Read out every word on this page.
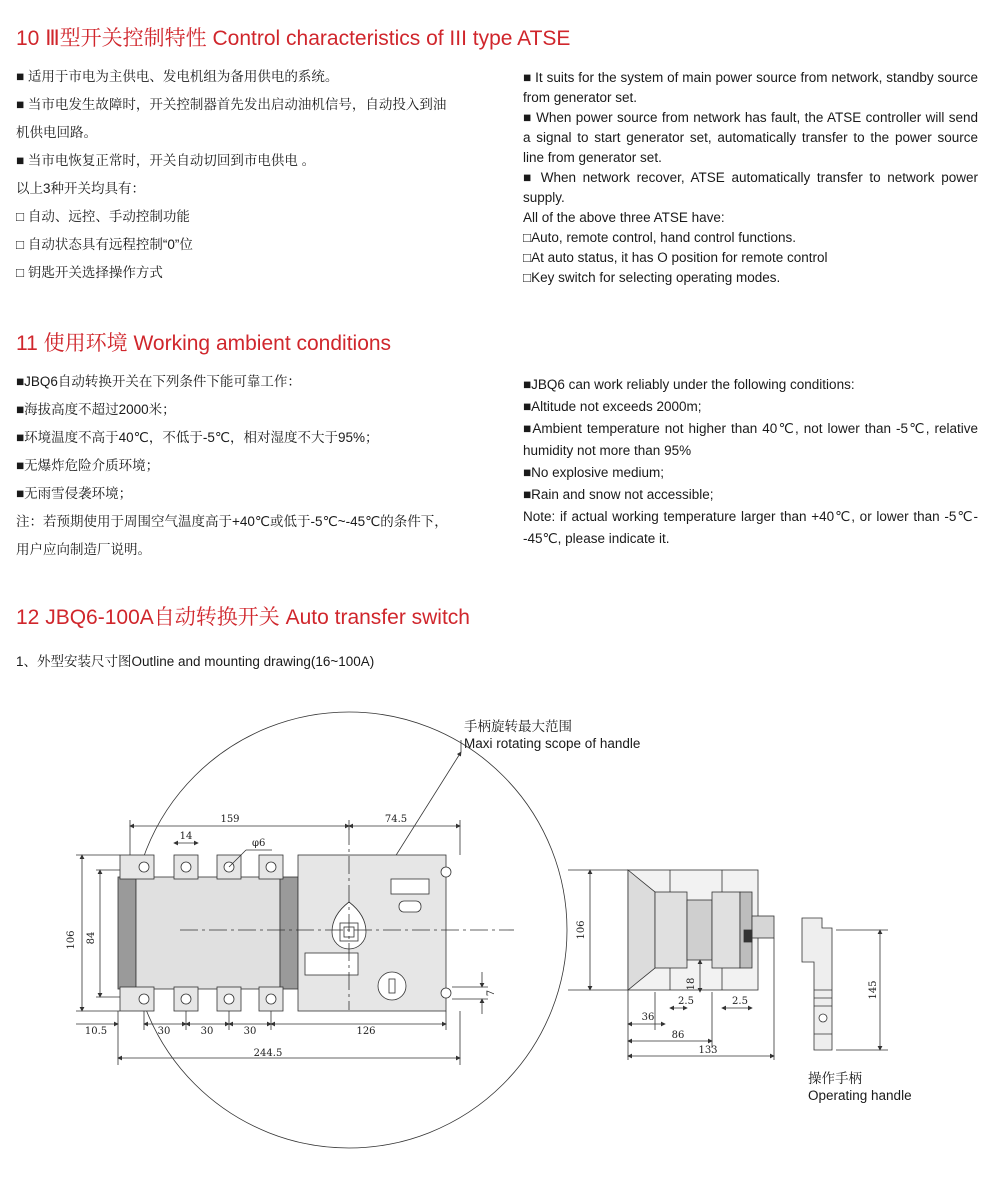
10 Ⅲ型开关控制特性 Control characteristics of III type ATSE

■ 适用于市电为主供电、发电机组为备用供电的系统。

■ 当市电发生故障时，开关控制器首先发出启动油机信号，自动投入到油

机供电回路。

■ 当市电恢复正常时，开关自动切回到市电供电 。

以上3种开关均具有：

□ 自动、远控、手动控制功能

□ 自动状态具有远程控制“0”位

□ 钥匙开关选择操作方式

■ It suits for the system of main power source from network, standby source from generator set.

■ When power source from network has fault, the ATSE controller will send a signal to start generator set, automatically transfer to the power source line from generator set.

■ When network recover, ATSE automatically transfer to network power supply.

All of the above three ATSE have:

□Auto, remote control, hand control functions.

□At auto status, it has O position for remote control

□Key switch for selecting operating modes.

11 使用环境 Working ambient conditions

■JBQ6自动转换开关在下列条件下能可靠工作：

■海拔高度不超过2000米；

■环境温度不高于40℃，不低于-5℃，相对湿度不大于95%；

■无爆炸危险介质环境；

■无雨雪侵袭环境；

注：若预期使用于周围空气温度高于+40℃或低于-5℃~-45℃的条件下，

用户应向制造厂说明。

■JBQ6 can work reliably under the following conditions:

■Altitude not exceeds 2000m;

■Ambient temperature not higher than 40℃, not lower than -5℃, relative humidity not more than 95%

■No explosive medium;

■Rain and snow not accessible;

Note: if actual working temperature larger than +40℃, or lower than -5℃--45℃, please indicate it.

12 JBQ6-100A自动转换开关 Auto transfer switch
1、外型安装尺寸图Outline and mounting drawing(16~100A)
159	74.5
14
φ6
106 84
7
10.5	30	30	30	126
244.5
106
18
2.5	2.5
36
86
133
145
手柄旋转最大范围
Maxi rotating scope of handle
操作手柄
Operating handle
